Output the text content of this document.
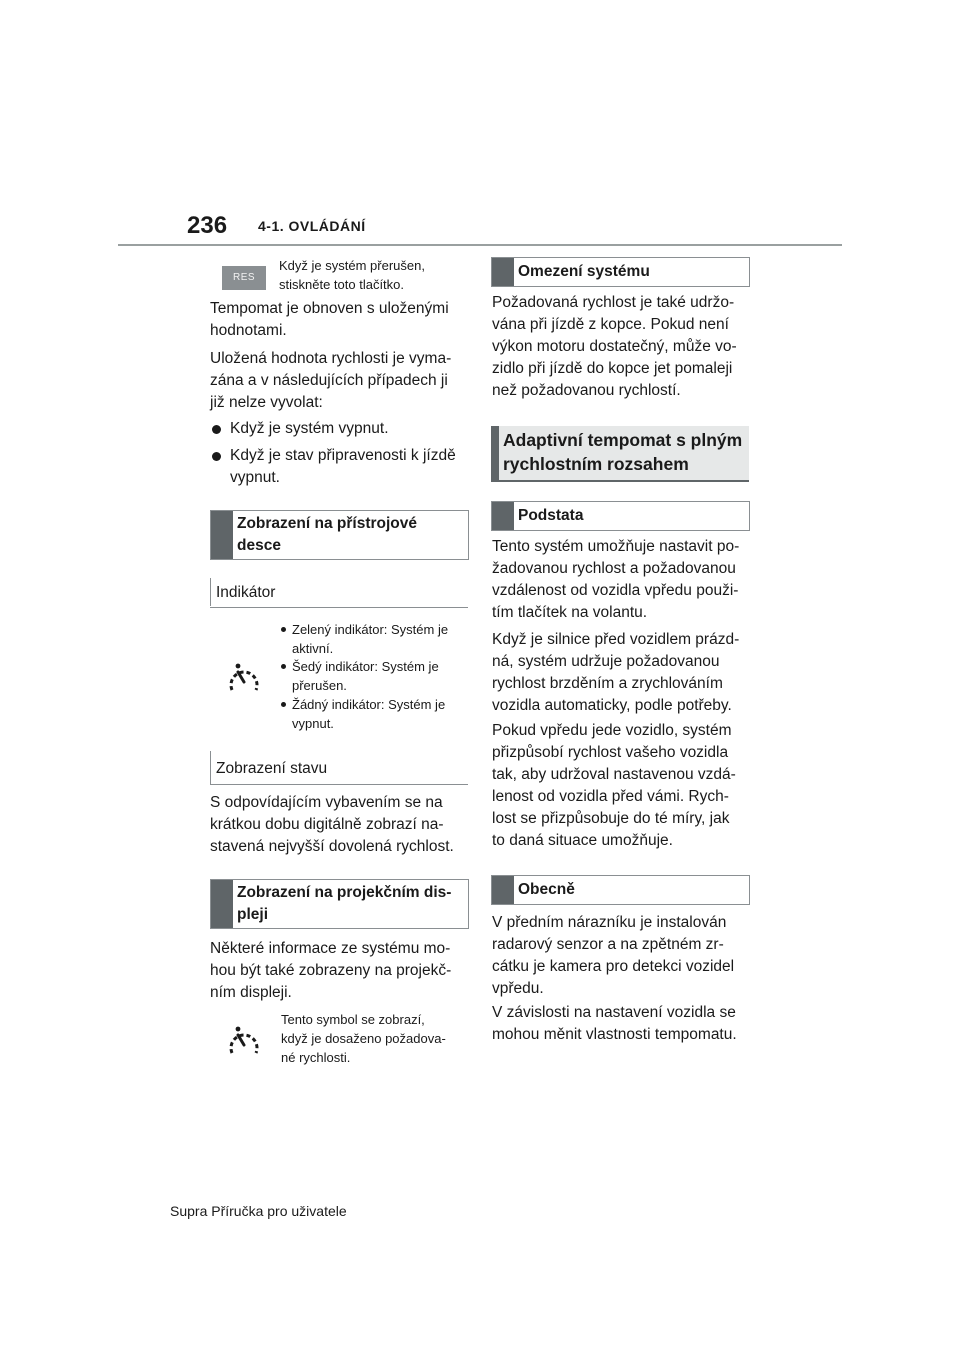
236 4-1. OVLÁDÁNÍ
RES
Když je systém přerušen,
stiskněte toto tlačítko.
Tempomat je obnoven s uloženými
hodnotami.
Uložená hodnota rychlosti je vyma-
zána a v následujících případech ji
již nelze vyvolat:
Když je systém vypnut.
Když je stav připravenosti k jízdě
vypnut.
Zobrazení na přístrojové
desce
Indikátor
Zelený indikátor: Systém je
aktivní.
Šedý indikátor: Systém je
přerušen.
Žádný indikátor: Systém je
vypnut.
Zobrazení stavu
S odpovídajícím vybavením se na
krátkou dobu digitálně zobrazí na-
stavená nejvyšší dovolená rychlost.
Zobrazení na projekčním dis-
pleji
Některé informace ze systému mo-
hou být také zobrazeny na projekč-
ním displeji.
Tento symbol se zobrazí,
když je dosaženo požadova-
né rychlosti.
Omezení systému
Požadovaná rychlost je také udržo-
vána při jízdě z kopce. Pokud není
výkon motoru dostatečný, může vo-
zidlo při jízdě do kopce jet pomaleji
než požadovanou rychlostí.
Adaptivní tempomat s plným
rychlostním rozsahem
Podstata
Tento systém umožňuje nastavit po-
žadovanou rychlost a požadovanou
vzdálenost od vozidla vpředu použi-
tím tlačítek na volantu.
Když je silnice před vozidlem prázd-
ná, systém udržuje požadovanou
rychlost brzděním a zrychlováním
vozidla automaticky, podle potřeby.
Pokud vpředu jede vozidlo, systém
přizpůsobí rychlost vašeho vozidla
tak, aby udržoval nastavenou vzdá-
lenost od vozidla před vámi. Rych-
lost se přizpůsobuje do té míry, jak
to daná situace umožňuje.
Obecně
V předním nárazníku je instalován
radarový senzor a na zpětném zr-
cátku je kamera pro detekci vozidel
vpředu.
V závislosti na nastavení vozidla se
mohou měnit vlastnosti tempomatu.
Supra Příručka pro uživatele
